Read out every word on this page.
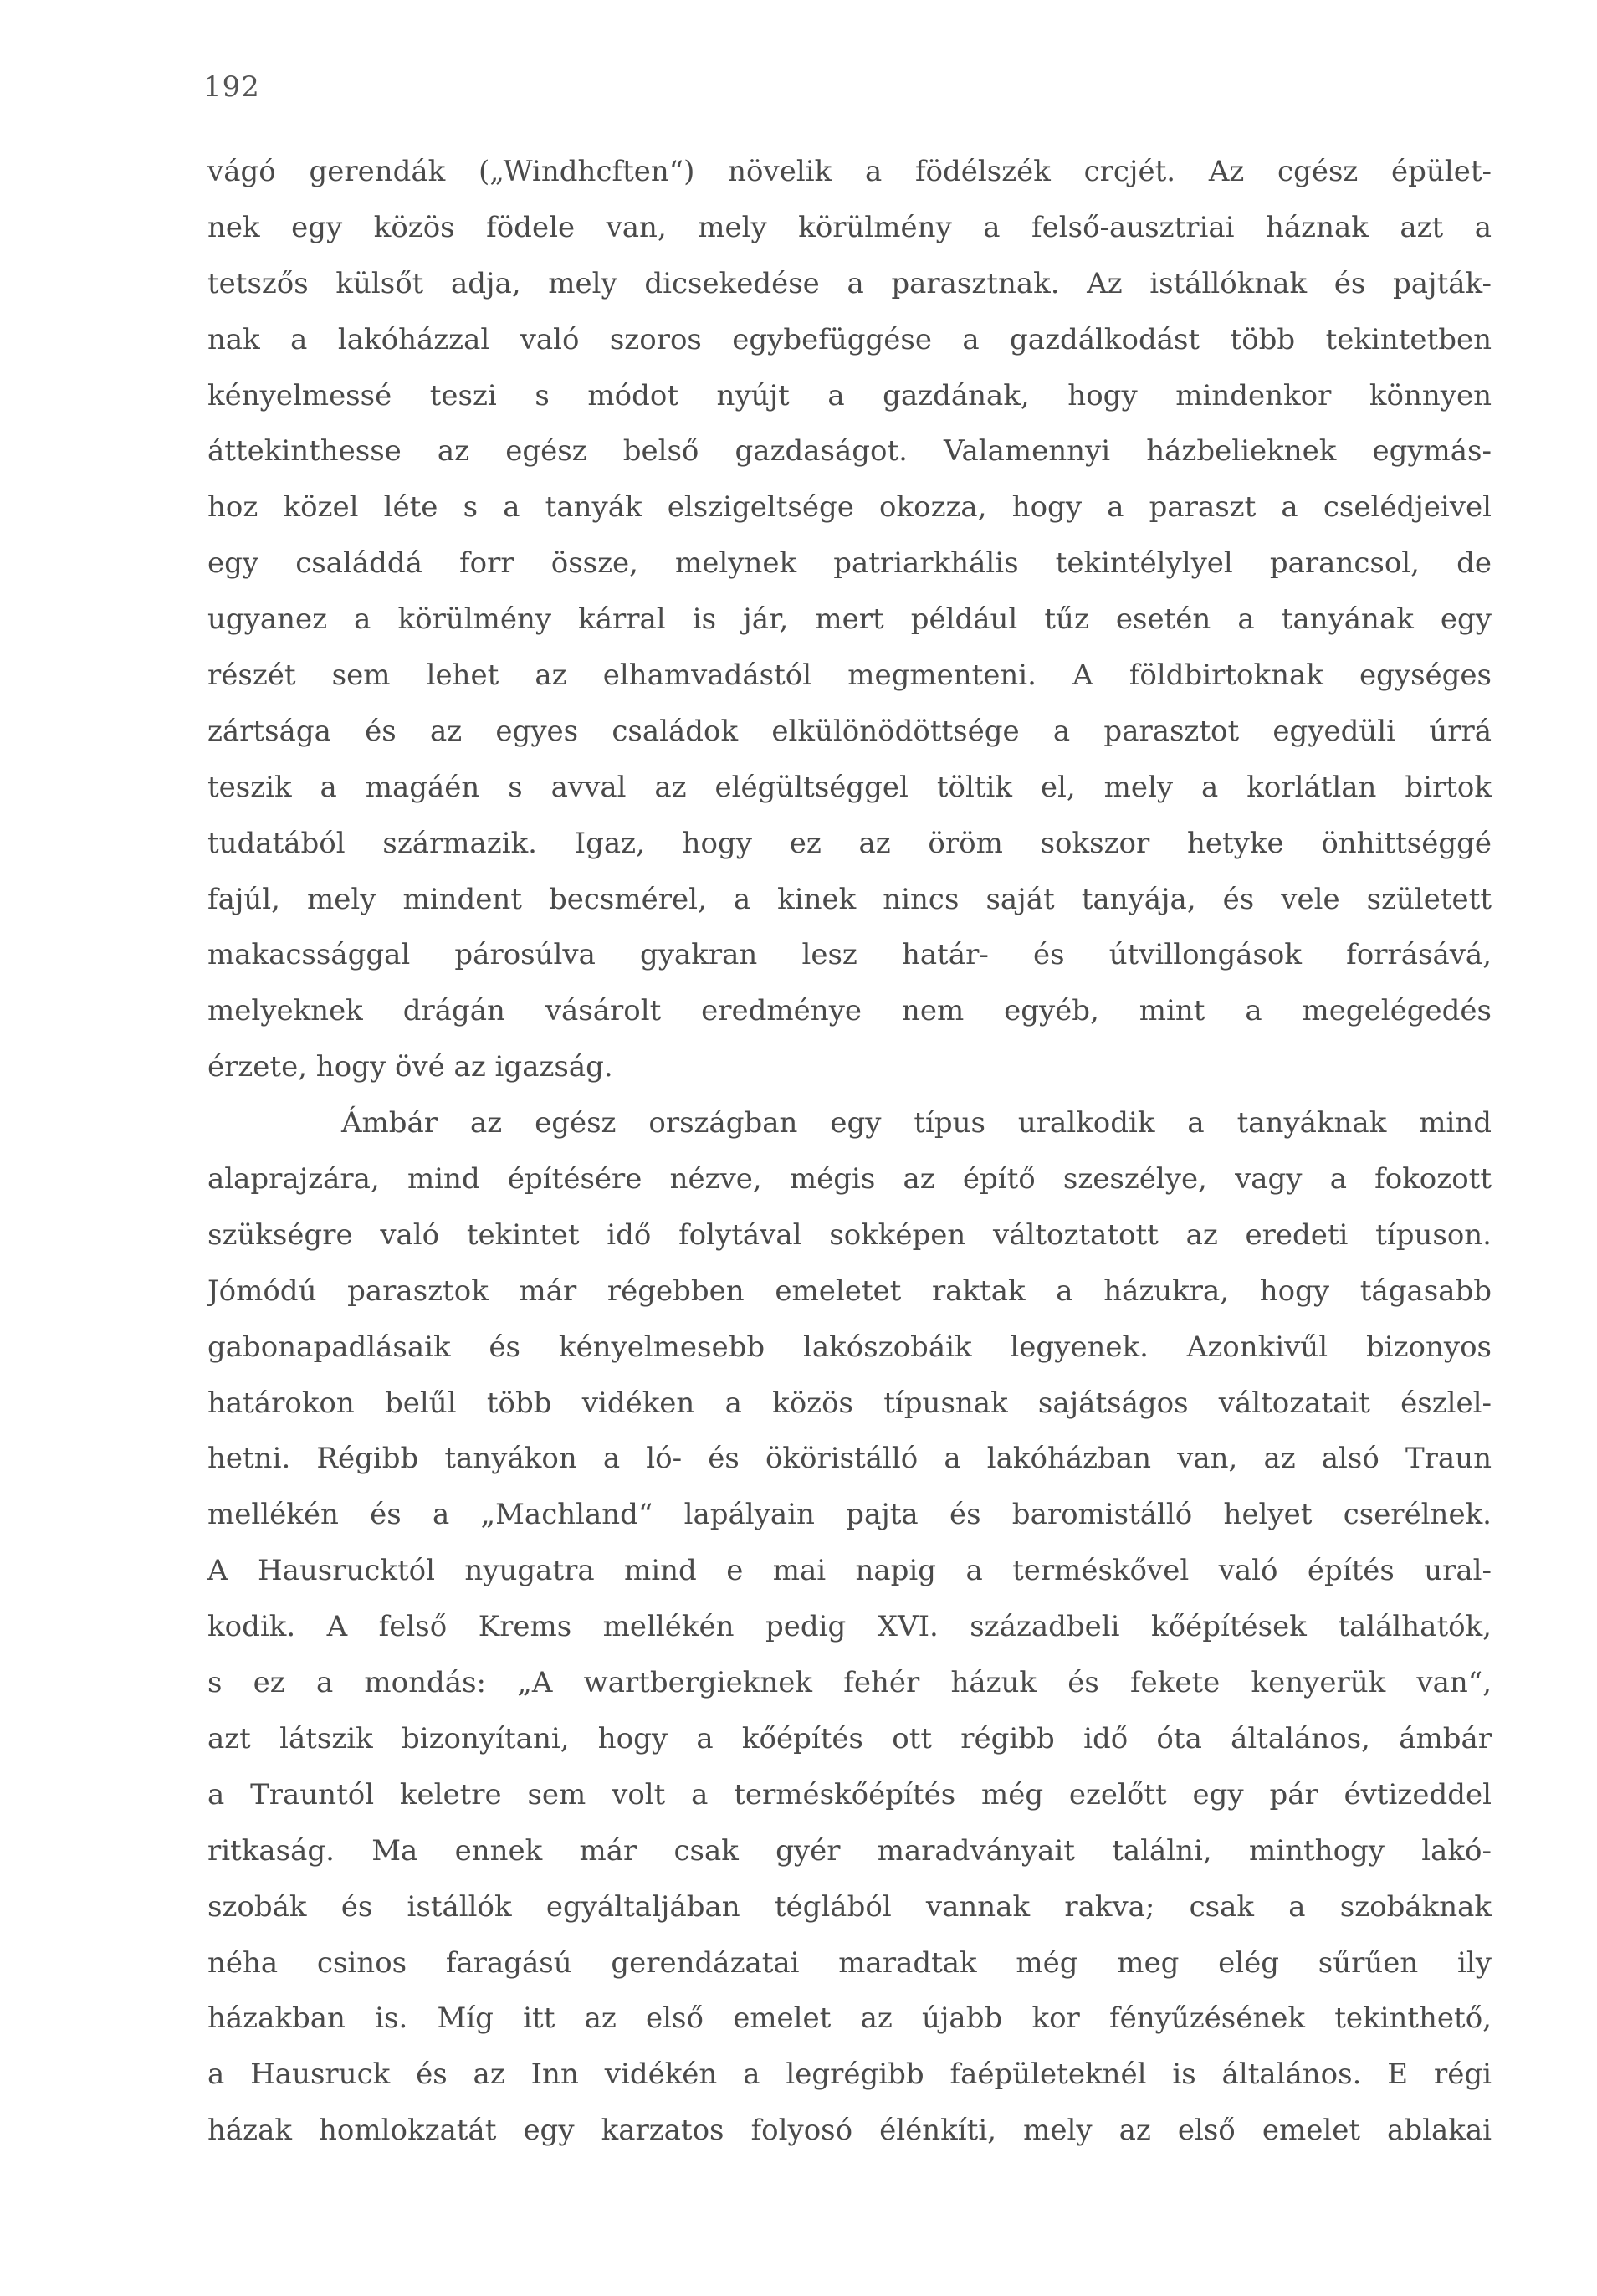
192
vágó gerendák („Windhcften“) növelik a födélszék crcjét. Az cgész épület-
nek egy közös födele van, mely körülmény a felső-ausztriai háznak azt a
tetszős külsőt adja, mely dicsekedése a parasztnak. Az istállóknak és pajták-
nak a lakóházzal való szoros egybefüggése a gazdálkodást több tekintetben
kényelmessé teszi s módot nyújt a gazdának, hogy mindenkor könnyen
áttekinthesse az egész belső gazdaságot. Valamennyi házbelieknek egymás-
hoz közel léte s a tanyák elszigeltsége okozza, hogy a paraszt a cselédjeivel
egy családdá forr össze, melynek patriarkhális tekintélylyel parancsol, de
ugyanez a körülmény kárral is jár, mert például tűz esetén a tanyának egy
részét sem lehet az elhamvadástól megmenteni. A földbirtoknak egységes
zártsága és az egyes családok elkülönödöttsége a parasztot egyedüli úrrá
teszik a magáén s avval az elégültséggel töltik el, mely a korlátlan birtok
tudatából származik. Igaz, hogy ez az öröm sokszor hetyke önhittséggé
fajúl, mely mindent becsmérel, a kinek nincs saját tanyája, és vele született
makacssággal párosúlva gyakran lesz határ- és útvillongások forrásává,
melyeknek drágán vásárolt eredménye nem egyéb, mint a megelégedés
érzete, hogy övé az igazság.
Ámbár az egész országban egy típus uralkodik a tanyáknak mind
alaprajzára, mind építésére nézve, mégis az építő szeszélye, vagy a fokozott
szükségre való tekintet idő folytával sokképen változtatott az eredeti típuson.
Jómódú parasztok már régebben emeletet raktak a házukra, hogy tágasabb
gabonapadlásaik és kényelmesebb lakószobáik legyenek. Azonkivűl bizonyos
határokon belűl több vidéken a közös típusnak sajátságos változatait észlel-
hetni. Régibb tanyákon a ló- és ököristálló a lakóházban van, az alsó Traun
mellékén és a „Machland“ lapályain pajta és baromistálló helyet cserélnek.
A Hausrucktól nyugatra mind e mai napig a terméskővel való építés ural-
kodik. A felső Krems mellékén pedig XVI. századbeli kőépítések találhatók,
s ez a mondás: „A wartbergieknek fehér házuk és fekete kenyerük van“,
azt látszik bizonyítani, hogy a kőépítés ott régibb idő óta általános, ámbár
a Trauntól keletre sem volt a terméskőépítés még ezelőtt egy pár évtizeddel
ritkaság. Ma ennek már csak gyér maradványait találni, minthogy lakó-
szobák és istállók egyáltaljában téglából vannak rakva; csak a szobáknak
néha csinos faragású gerendázatai maradtak még meg elég sűrűen ily
házakban is. Míg itt az első emelet az újabb kor fényűzésének tekinthető,
a Hausruck és az Inn vidékén a legrégibb faépületeknél is általános. E régi
házak homlokzatát egy karzatos folyosó élénkíti, mely az első emelet ablakai
